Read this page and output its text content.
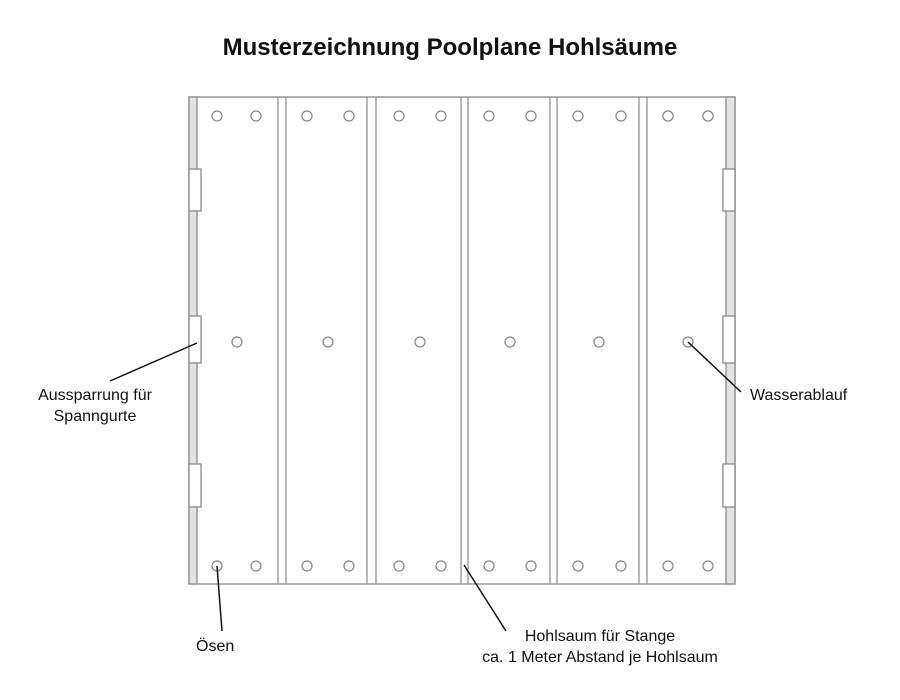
Musterzeichnung Poolplane Hohlsäume
Aussparrung für
Spanngurte
Wasserablauf
Ösen
Hohlsaum für Stange
ca. 1 Meter Abstand je Hohlsaum
